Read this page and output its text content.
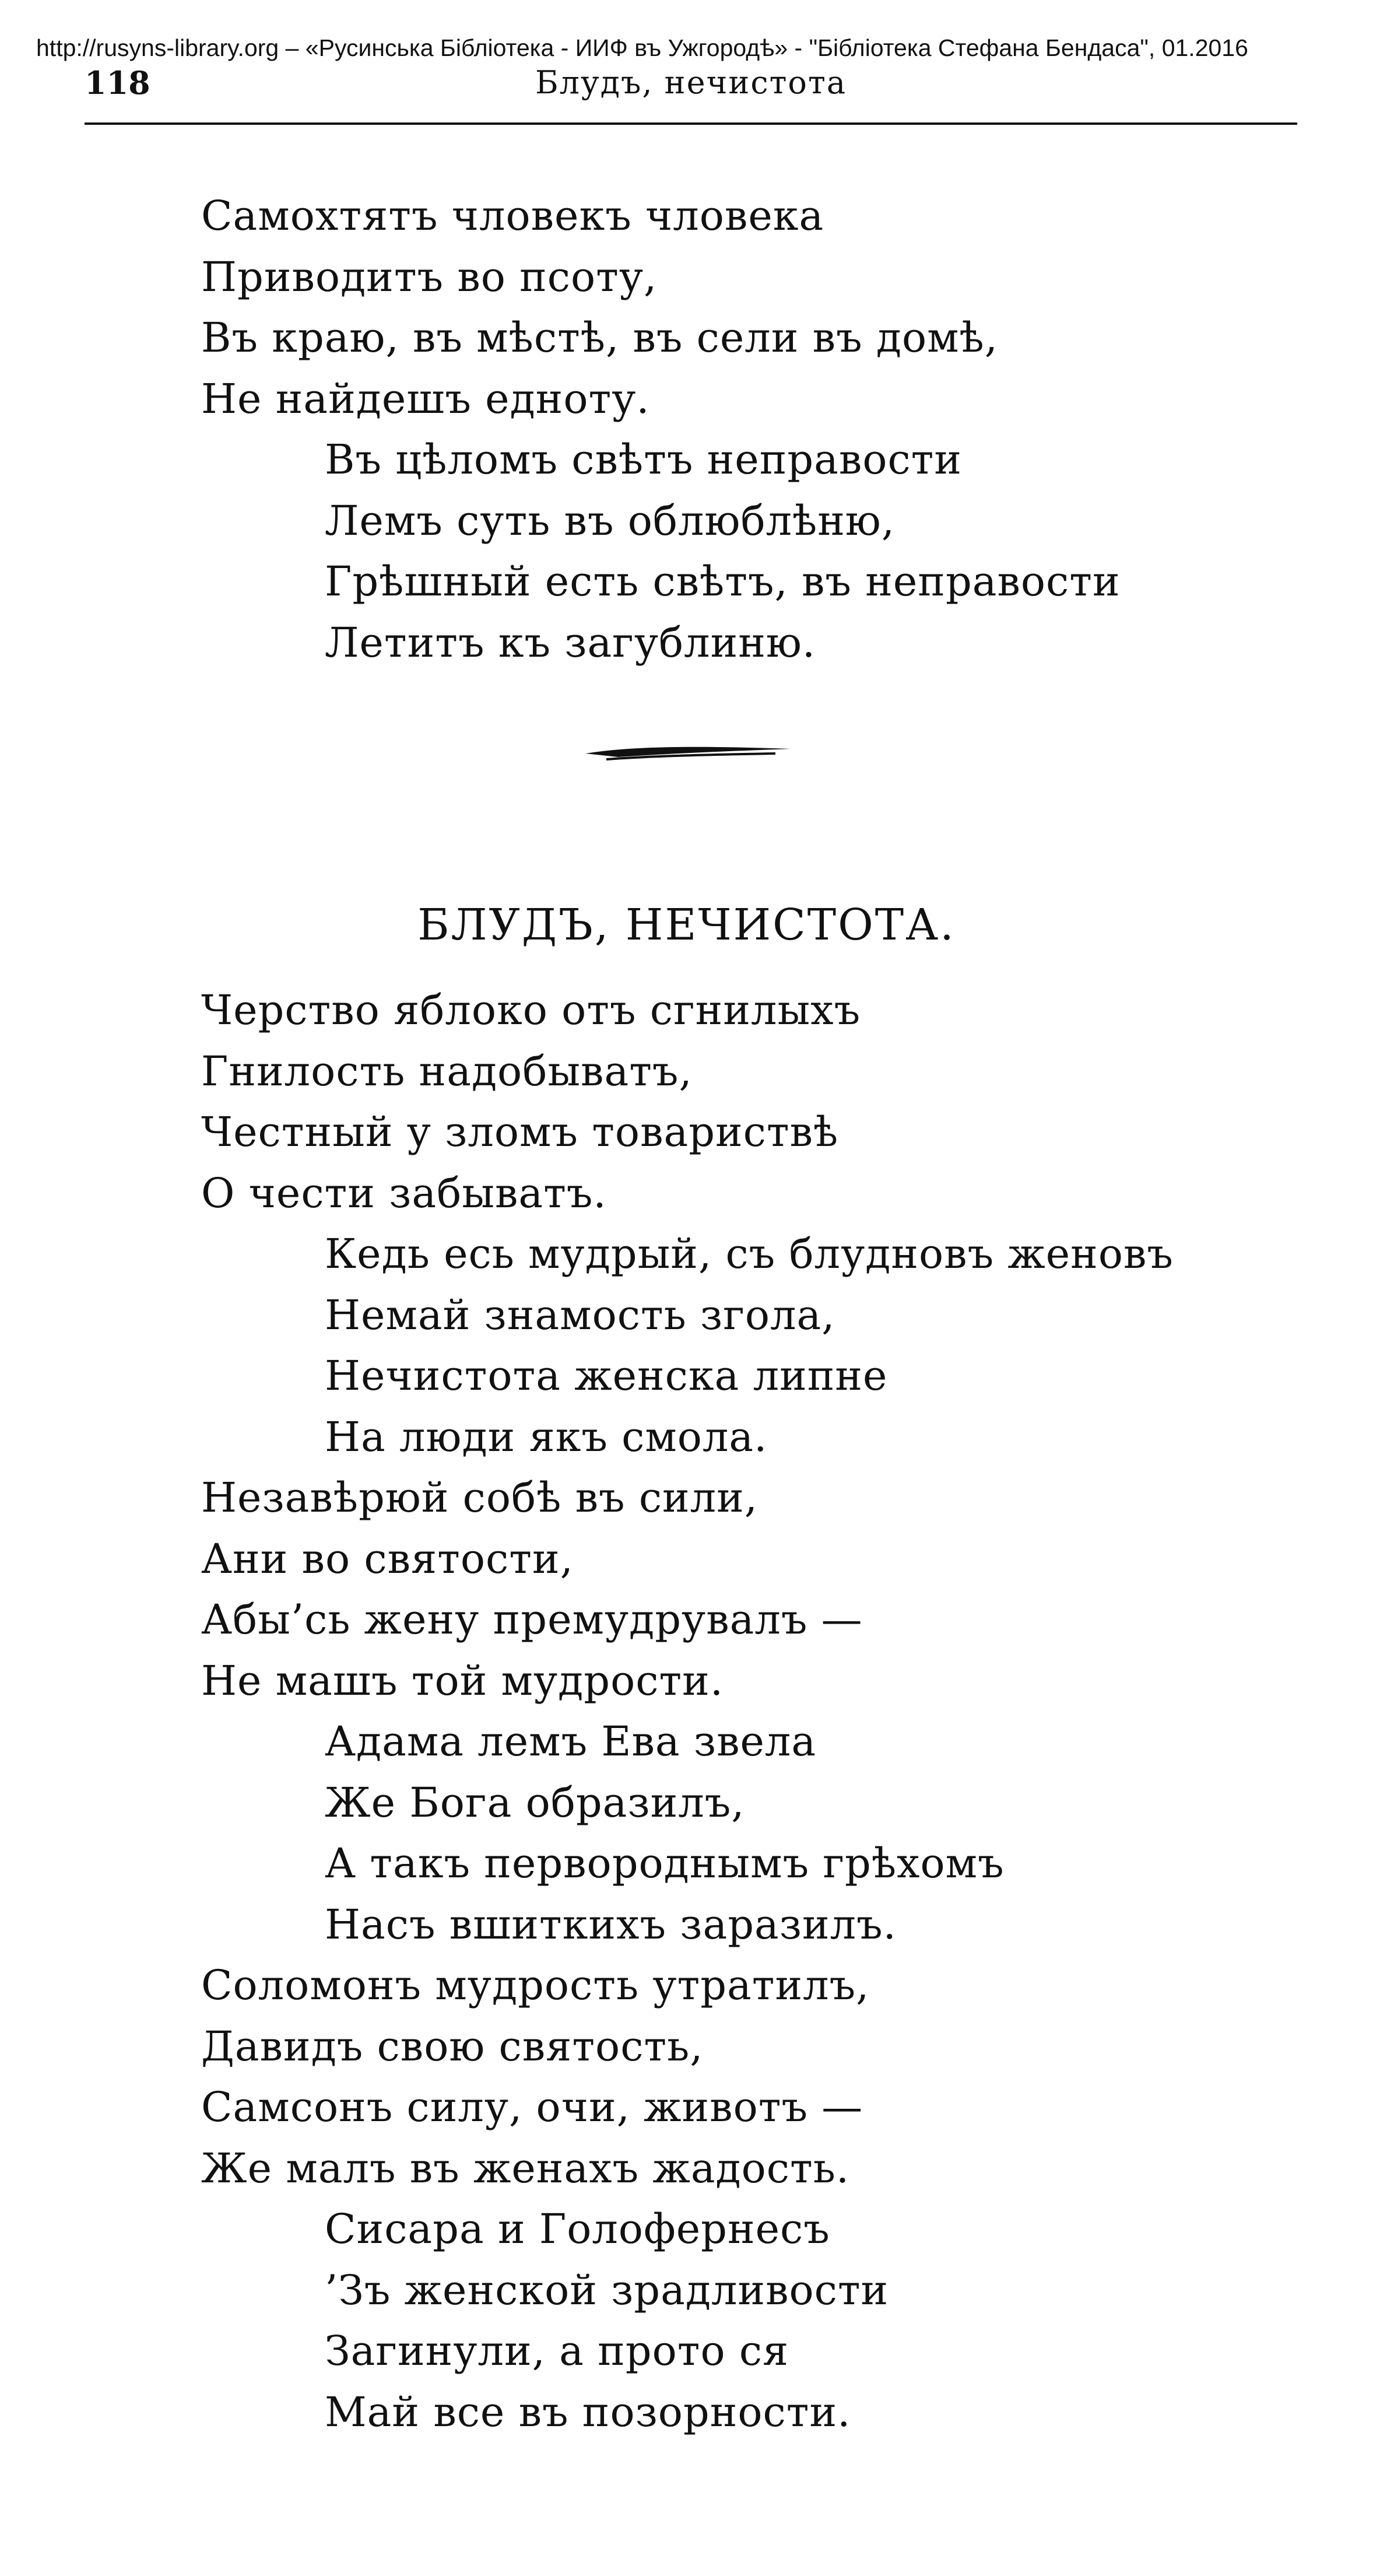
http://rusyns-library.org – «Русинська Бібліотека - ИИФ въ Ужгородѣ» - "Бібліотека Стефана Бендаса", 01.2016
118	Блудъ, нечистота
Самохтятъ чловекъ чловека
Приводитъ во псоту,
Въ краю, въ мѣстѣ, въ сели въ домѣ,
Не найдешъ едноту.
Въ цѣломъ свѣтъ неправости
Лемъ суть въ облюблѣню,
Грѣшный есть свѣтъ, въ неправости
Летитъ къ загублиню.
БЛУДЪ, НЕЧИСТОТА.
Черство яблоко отъ сгнилыхъ
Гнилость надобыватъ,
Честный у зломъ товариствѣ
О чести забыватъ.
Кедь есь мудрый, съ блудновъ женовъ
Немай знамость згола,
Нечистота женска липне
На люди якъ смола.
Незавѣрюй собѣ въ сили,
Ани во святости,
Абы’сь жену премудрувалъ —
Не машъ той мудрости.
Адама лемъ Ева звела
Же Бога образилъ,
А такъ первороднымъ грѣхомъ
Насъ вшиткихъ заразилъ.
Соломонъ мудрость утратилъ,
Давидъ свою святость,
Самсонъ силу, очи, животъ —
Же малъ въ женахъ жадость.
Сисара и Голофернесъ
’Зъ женской зрадливости
Загинули, а прото ся
Май все въ позорности.
